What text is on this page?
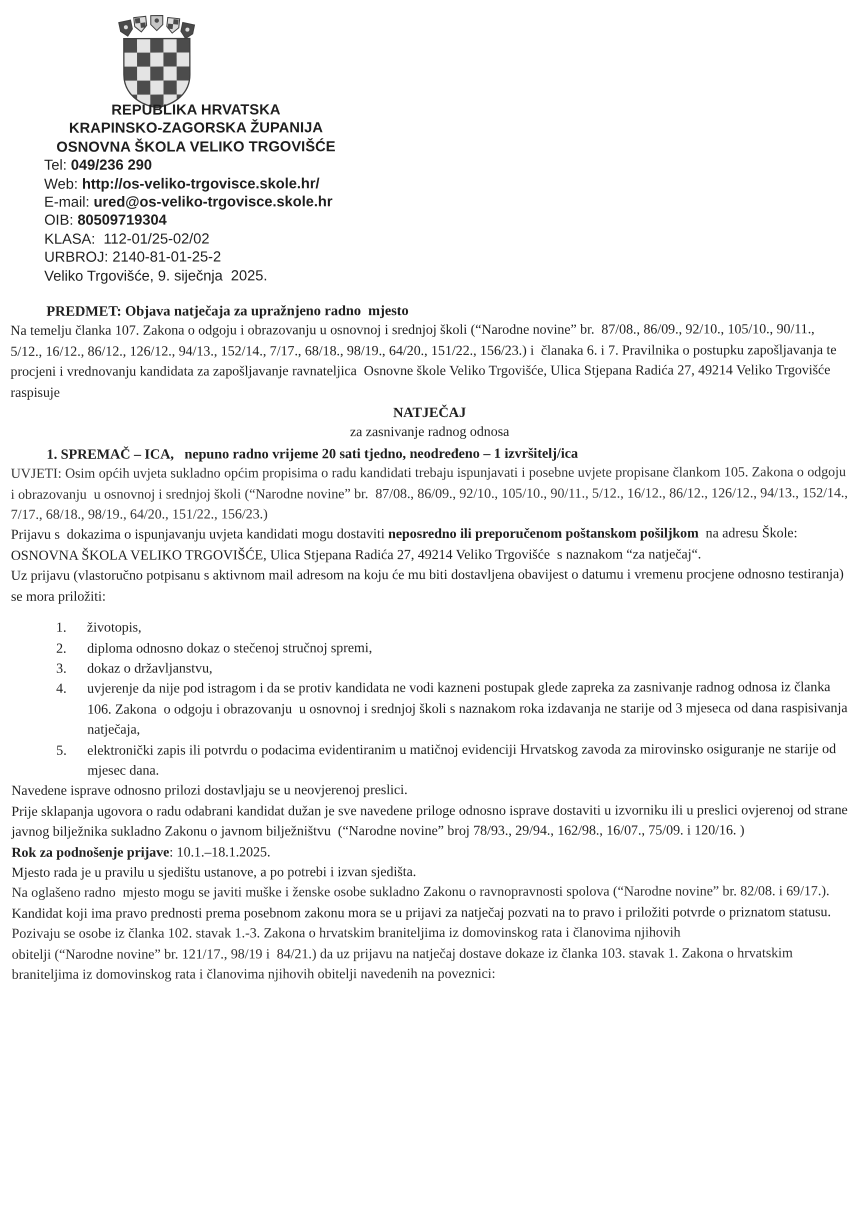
REPUBLIKA HRVATSKA
KRAPINSKO-ZAGORSKA ŽUPANIJA
OSNOVNA ŠKOLA VELIKO TRGOVIŠĆE
Tel: 049/236 290
Web: http://os-veliko-trgovisce.skole.hr/
E-mail: ured@os-veliko-trgovisce.skole.hr
OIB: 80509719304
KLASA:  112-01/25-02/02
URBROJ: 2140-81-01-25-2
Veliko Trgovišće, 9. siječnja  2025.

PREDMET: Objava natječaja za upražnjeno radno  mjesto

Na temelju članka 107. Zakona o odgoju i obrazovanju u osnovnoj i srednjoj školi (“Narodne novine” br.  87/08., 86/09., 92/10., 105/10., 90/11., 5/12., 16/12., 86/12., 126/12., 94/13., 152/14., 7/17., 68/18., 98/19., 64/20., 151/22., 156/23.) i  članaka 6. i 7. Pravilnika o postupku zapošljavanja te procjeni i vrednovanju kandidata za zapošljavanje ravnateljica  Osnovne škole Veliko Trgovišće, Ulica Stjepana Radića 27, 49214 Veliko Trgovišće raspisuje

NATJEČAJ

za zasnivanje radnog odnosa

1. SPREMAČ – ICA,   nepuno radno vrijeme 20 sati tjedno, neodređeno – 1 izvršitelj/ica

UVJETI: Osim općih uvjeta sukladno općim propisima o radu kandidati trebaju ispunjavati i posebne uvjete propisane člankom 105. Zakona o odgoju i obrazovanju  u osnovnoj i srednjoj školi (“Narodne novine” br.  87/08., 86/09., 92/10., 105/10., 90/11., 5/12., 16/12., 86/12., 126/12., 94/13., 152/14., 7/17., 68/18., 98/19., 64/20., 151/22., 156/23.)

Prijavu s  dokazima o ispunjavanju uvjeta kandidati mogu dostaviti neposredno ili preporučenom poštanskom pošiljkom  na adresu Škole:

OSNOVNA ŠKOLA VELIKO TRGOVIŠĆE, Ulica Stjepana Radića 27, 49214 Veliko Trgovišće  s naznakom “za natječaj“.

Uz prijavu (vlastoručno potpisanu s aktivnom mail adresom na koju će mu biti dostavljena obavijest o datumu i vremenu procjene odnosno testiranja) se mora priložiti:

1.	životopis,
2.	diploma odnosno dokaz o stečenoj stručnoj spremi,
3.	dokaz o državljanstvu,
4.	uvjerenje da nije pod istragom i da se protiv kandidata ne vodi kazneni postupak glede zapreka za zasnivanje radnog odnosa iz članka 106. Zakona  o odgoju i obrazovanju  u osnovnoj i srednjoj školi s naznakom roka izdavanja ne starije od 3 mjeseca od dana raspisivanja natječaja,
5.	elektronički zapis ili potvrdu o podacima evidentiranim u matičnoj evidenciji Hrvatskog zavoda za mirovinsko osiguranje ne starije od mjesec dana.

Navedene isprave odnosno prilozi dostavljaju se u neovjerenoj preslici.

Prije sklapanja ugovora o radu odabrani kandidat dužan je sve navedene priloge odnosno isprave dostaviti u izvorniku ili u preslici ovjerenoj od strane javnog bilježnika sukladno Zakonu o javnom bilježništvu  (“Narodne novine” broj 78/93., 29/94., 162/98., 16/07., 75/09. i 120/16. )

Rok za podnošenje prijave: 10.1.–18.1.2025.

Mjesto rada je u pravilu u sjedištu ustanove, a po potrebi i izvan sjedišta.

Na oglašeno radno  mjesto mogu se javiti muške i ženske osobe sukladno Zakonu o ravnopravnosti spolova (“Narodne novine” br. 82/08. i 69/17.).

Kandidat koji ima pravo prednosti prema posebnom zakonu mora se u prijavi za natječaj pozvati na to pravo i priložiti potvrde o priznatom statusu.

Pozivaju se osobe iz članka 102. stavak 1.-3. Zakona o hrvatskim braniteljima iz domovinskog rata i članovima njihovih
obitelji (“Narodne novine” br. 121/17., 98/19 i  84/21.) da uz prijavu na natječaj dostave dokaze iz članka 103. stavak 1. Zakona o hrvatskim braniteljima iz domovinskog rata i članovima njihovih obitelji navedenih na poveznici:
